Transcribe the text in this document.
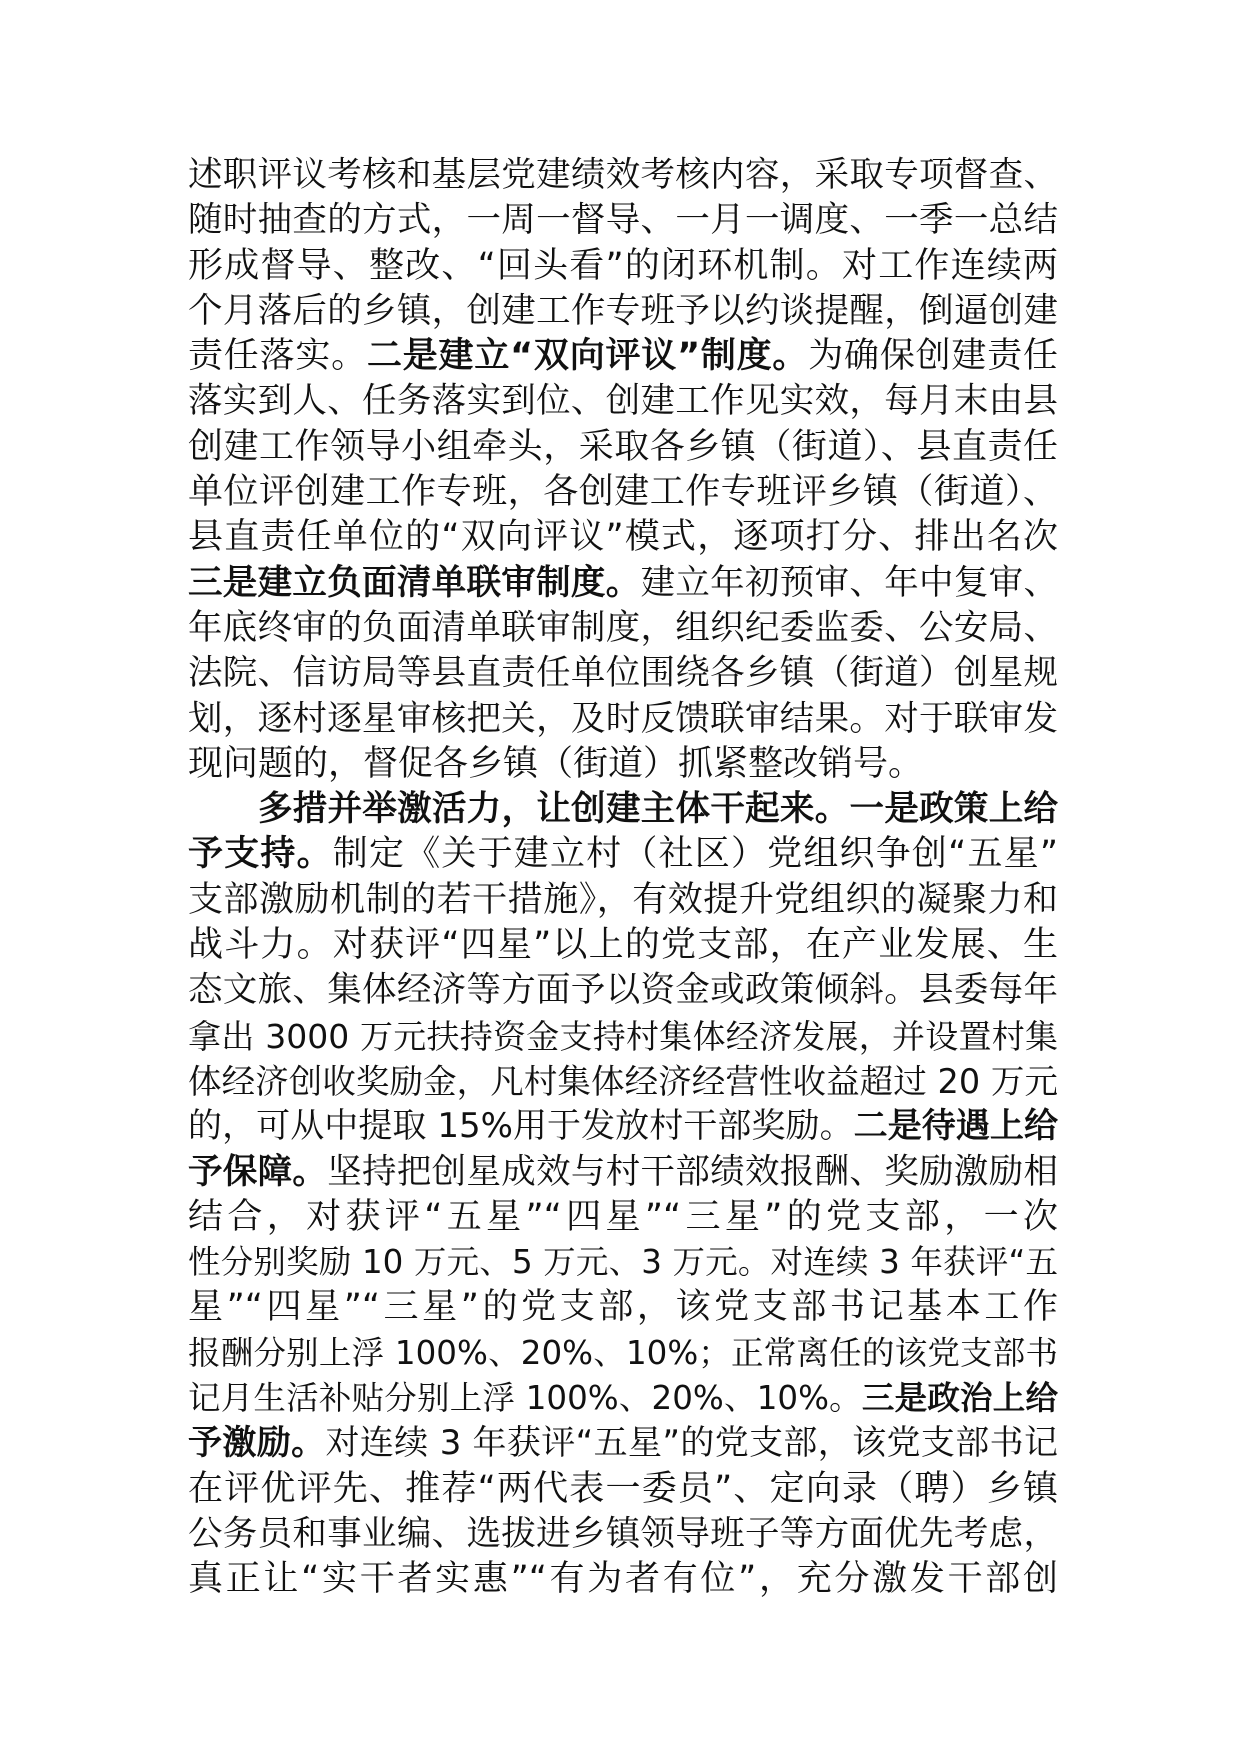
述职评议考核和基层党建绩效考核内容，采取专项督查、
随时抽查的方式，一周一督导、一月一调度、一季一总结
形成督导、整改、“回头看”的闭环机制。对工作连续两
个月落后的乡镇，创建工作专班予以约谈提醒，倒逼创建
责任落实。二是建立“双向评议”制度。为确保创建责任
落实到人、任务落实到位、创建工作见实效，每月末由县
创建工作领导小组牵头，采取各乡镇（街道）、县直责任
单位评创建工作专班，各创建工作专班评乡镇（街道）、
县直责任单位的“双向评议”模式，逐项打分、排出名次
三是建立负面清单联审制度。建立年初预审、年中复审、
年底终审的负面清单联审制度，组织纪委监委、公安局、
法院、信访局等县直责任单位围绕各乡镇（街道）创星规
划，逐村逐星审核把关，及时反馈联审结果。对于联审发
现问题的，督促各乡镇（街道）抓紧整改销号。
多措并举激活力，让创建主体干起来。一是政策上给
予支持。制定《关于建立村（社区）党组织争创“五星”
支部激励机制的若干措施》，有效提升党组织的凝聚力和
战斗力。对获评“四星”以上的党支部，在产业发展、生
态文旅、集体经济等方面予以资金或政策倾斜。县委每年
拿出 3000 万元扶持资金支持村集体经济发展，并设置村集
体经济创收奖励金，凡村集体经济经营性收益超过 20 万元
的，可从中提取 15%用于发放村干部奖励。二是待遇上给
予保障。坚持把创星成效与村干部绩效报酬、奖励激励相
结合，对获评“五星”“四星”“三星”的党支部，一次
性分别奖励 10 万元、5 万元、3 万元。对连续 3 年获评“五
星”“四星”“三星”的党支部，该党支部书记基本工作
报酬分别上浮 100%、20%、10%；正常离任的该党支部书
记月生活补贴分别上浮 100%、20%、10%。三是政治上给
予激励。对连续 3 年获评“五星”的党支部，该党支部书记
在评优评先、推荐“两代表一委员”、定向录（聘）乡镇
公务员和事业编、选拔进乡镇领导班子等方面优先考虑，
真正让“实干者实惠”“有为者有位”，充分激发干部创
